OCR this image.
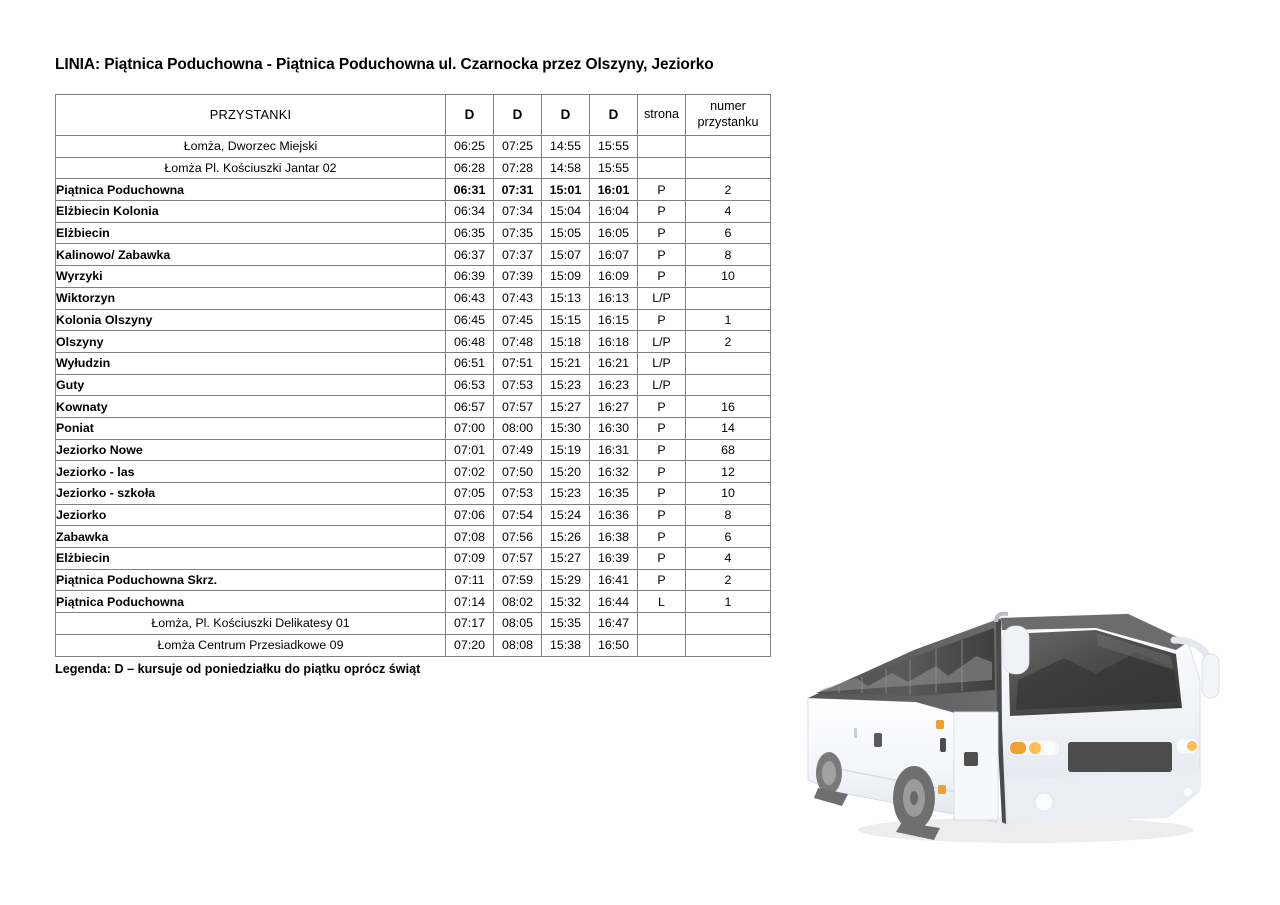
LINIA: Piątnica Poduchowna - Piątnica Poduchowna ul. Czarnocka przez Olszyny, Jeziorko
PRZYSTANKI	D	D	D	D	strona	numer
przystanku
Łomża, Dworzec Miejski	06:25	07:25	14:55	15:55		
Łomża Pl. Kościuszki Jantar 02	06:28	07:28	14:58	15:55		
Piątnica Poduchowna	06:31	07:31	15:01	16:01	P	2
Elżbiecin Kolonia	06:34	07:34	15:04	16:04	P	4
Elżbiecin	06:35	07:35	15:05	16:05	P	6
Kalinowo/ Zabawka	06:37	07:37	15:07	16:07	P	8
Wyrzyki	06:39	07:39	15:09	16:09	P	10
Wiktorzyn	06:43	07:43	15:13	16:13	L/P	
Kolonia Olszyny	06:45	07:45	15:15	16:15	P	1
Olszyny	06:48	07:48	15:18	16:18	L/P	2
Wyłudzin	06:51	07:51	15:21	16:21	L/P	
Guty	06:53	07:53	15:23	16:23	L/P	
Kownaty	06:57	07:57	15:27	16:27	P	16
Poniat	07:00	08:00	15:30	16:30	P	14
Jeziorko Nowe	07:01	07:49	15:19	16:31	P	68
Jeziorko - las	07:02	07:50	15:20	16:32	P	12
Jeziorko - szkoła	07:05	07:53	15:23	16:35	P	10
Jeziorko	07:06	07:54	15:24	16:36	P	8
Zabawka	07:08	07:56	15:26	16:38	P	6
Elżbiecin	07:09	07:57	15:27	16:39	P	4
Piątnica Poduchowna Skrz.	07:11	07:59	15:29	16:41	P	2
Piątnica Poduchowna	07:14	08:02	15:32	16:44	L	1
Łomża, Pl. Kościuszki Delikatesy 01	07:17	08:05	15:35	16:47		
Łomża Centrum Przesiadkowe 09	07:20	08:08	15:38	16:50		
Legenda: D – kursuje od poniedziałku do piątku oprócz świąt
